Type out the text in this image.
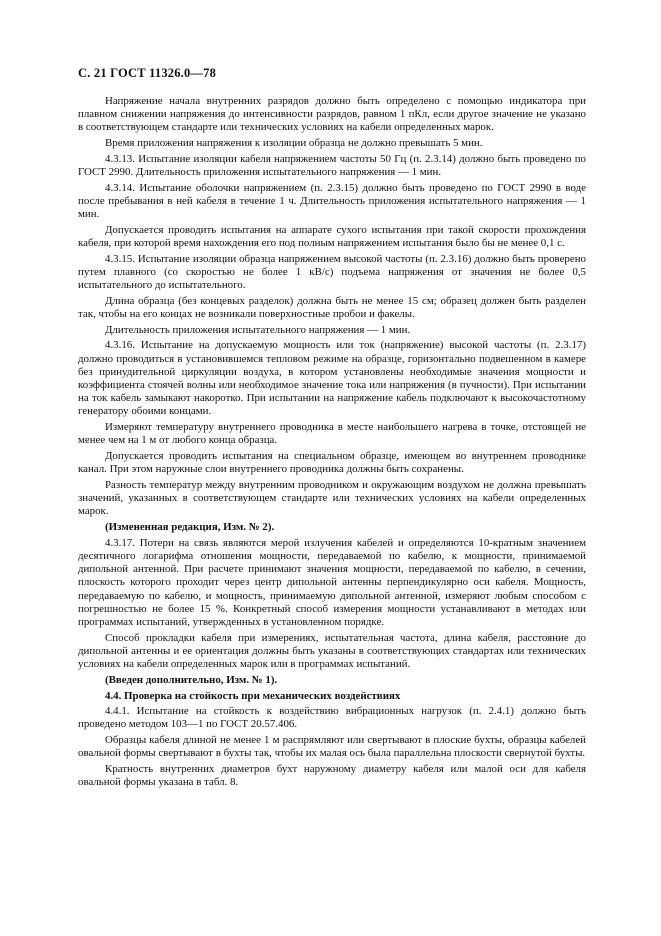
С. 21 ГОСТ 11326.0—78

Напряжение начала внутренних разрядов должно быть определено с помощью индикатора при плавном снижении напряжения до интенсивности разрядов, равном 1 пКл, если другое значение не указано в соответствующем стандарте или технических условиях на кабели определенных марок.

Время приложения напряжения к изоляции образца не должно превышать 5 мин.

4.3.13. Испытание изоляции кабеля напряжением частоты 50 Гц (п. 2.3.14) должно быть проведено по ГОСТ 2990. Длительность приложения испытательного напряжения — 1 мин.

4.3.14. Испытание оболочки напряжением (п. 2.3.15) должно быть проведено по ГОСТ 2990 в воде после пребывания в ней кабеля в течение 1 ч. Длительность приложения испытательного напряжения — 1 мин.

Допускается проводить испытания на аппарате сухого испытания при такой скорости прохождения кабеля, при которой время нахождения его под полным напряжением испытания было бы не менее 0,1 с.

4.3.15. Испытание изоляции образца напряжением высокой частоты (п. 2.3.16) должно быть проверено путем плавного (со скоростью не более 1 кВ/с) подъема напряжения от значения не более 0,5 испытательного до испытательного.

Длина образца (без концевых разделок) должна быть не менее 15 см; образец должен быть разделен так, чтобы на его концах не возникали поверхностные пробои и факелы.

Длительность приложения испытательного напряжения — 1 мин.

4.3.16. Испытание на допускаемую мощность или ток (напряжение) высокой частоты (п. 2.3.17) должно проводиться в установившемся тепловом режиме на образце, горизонтально подвешенном в камере без принудительной циркуляции воздуха, в котором установлены необходимые значения мощности и коэффициента стоячей волны или необходимое значение тока или напряжения (в пучности). При испытании на ток кабель замыкают накоротко. При испытании на напряжение кабель подключают к высокочастотному генератору обоими концами.

Измеряют температуру внутреннего проводника в месте наибольшего нагрева в точке, отстоящей не менее чем на 1 м от любого конца образца.

Допускается проводить испытания на специальном образце, имеющем во внутреннем проводнике канал. При этом наружные слои внутреннего проводника должны быть сохранены.

Разность температур между внутренним проводником и окружающим воздухом не должна превышать значений, указанных в соответствующем стандарте или технических условиях на кабели определенных марок.

(Измененная редакция, Изм. № 2).

4.3.17. Потери на связь являются мерой излучения кабелей и определяются 10-кратным значением десятичного логарифма отношения мощности, передаваемой по кабелю, к мощности, принимаемой дипольной антенной. При расчете принимают значения мощности, передаваемой по кабелю, в сечении, плоскость которого проходит через центр дипольной антенны перпендикулярно оси кабеля. Мощность, передаваемую по кабелю, и мощность, принимаемую дипольной антенной, измеряют любым способом с погрешностью не более 15 %. Конкретный способ измерения мощности устанавливают в методах или программах испытаний, утвержденных в установленном порядке.

Способ прокладки кабеля при измерениях, испытательная частота, длина кабеля, расстояние до дипольной антенны и ее ориентация должны быть указаны в соответствующих стандартах или технических условиях на кабели определенных марок или в программах испытаний.

(Введен дополнительно, Изм. № 1).

4.4. Проверка на стойкость при механических воздействиях

4.4.1. Испытание на стойкость к воздействию вибрационных нагрузок (п. 2.4.1) должно быть проведено методом 103—1 по ГОСТ 20.57.406.

Образцы кабеля длиной не менее 1 м распрямляют или свертывают в плоские бухты, образцы кабелей овальной формы свертывают в бухты так, чтобы их малая ось была параллельна плоскости свернутой бухты.

Кратность внутренних диаметров бухт наружному диаметру кабеля или малой оси для кабеля овальной формы указана в табл. 8.
